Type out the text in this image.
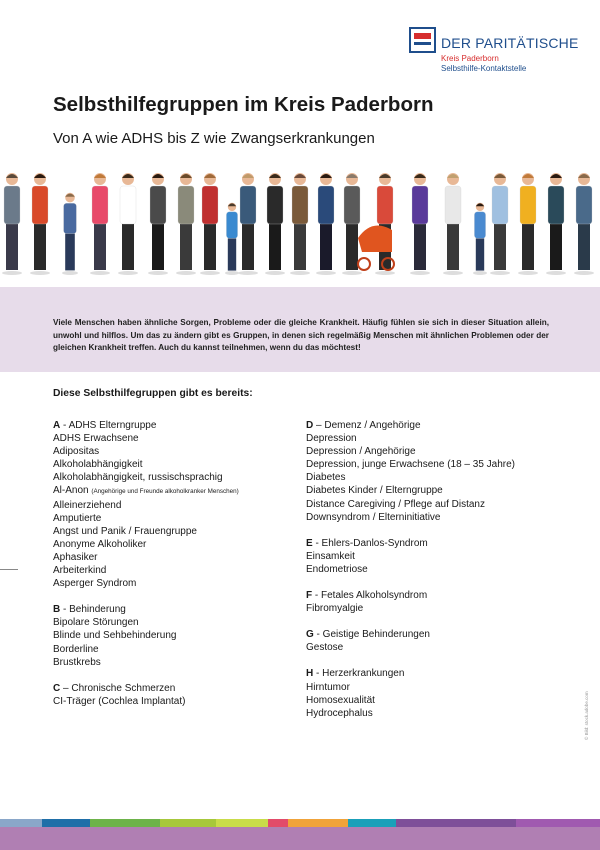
DER PARITÄTISCHE
Kreis Paderborn
Selbsthilfe-Kontaktstelle
Selbsthilfegruppen im Kreis Paderborn
Von A wie ADHS bis Z wie Zwangserkrankungen
Viele Menschen haben ähnliche Sorgen, Probleme oder die gleiche Krankheit. Häufig fühlen sie sich in dieser Situation allein, unwohl und hilflos. Um das zu ändern gibt es Gruppen, in denen sich regelmäßig Menschen mit ähnlichen Problemen oder der gleichen Krankheit treffen. Auch du kannst teilnehmen, wenn du das möchtest!
Diese Selbsthilfegruppen gibt es bereits:
A - ADHS Elterngruppe
ADHS Erwachsene
Adipositas
Alkoholabhängigkeit
Alkoholabhängigkeit, russischsprachig
Al-Anon (Angehörige und Freunde alkoholkranker Menschen)
Alleinerziehend
Amputierte
Angst und Panik / Frauengruppe
Anonyme Alkoholiker
Aphasiker
Arbeiterkind
Asperger Syndrom
B - Behinderung
Bipolare Störungen
Blinde und Sehbehinderung
Borderline
Brustkrebs
C – Chronische Schmerzen
CI-Träger (Cochlea Implantat)
D – Demenz / Angehörige
Depression
Depression / Angehörige
Depression, junge Erwachsene (18 – 35 Jahre)
Diabetes
Diabetes Kinder / Elterngruppe
Distance Caregiving / Pflege auf Distanz
Downsyndrom / Elterninitiative
E - Ehlers-Danlos-Syndrom
Einsamkeit
Endometriose
F - Fetales Alkoholsyndrom
Fibromyalgie
G - Geistige Behinderungen
Gestose
H - Herzerkrankungen
Hirntumor
Homosexualität
Hydrocephalus	© Bild: stock.adobe.com
